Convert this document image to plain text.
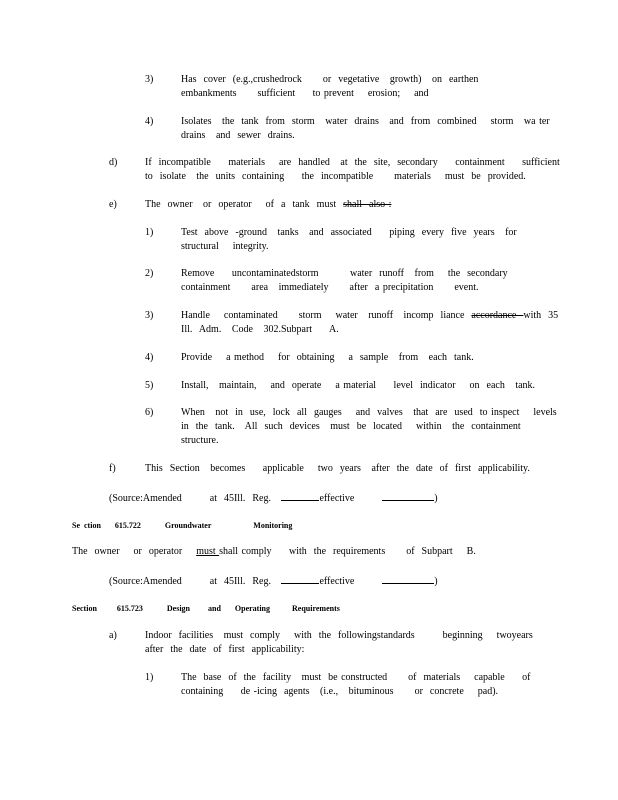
3)	Has  cover  (e.g.,crushedrock      or  vegetative   growth)   on  earthen
embankments      sufficient     to prevent    erosion;    and
4)	Isolates   the  tank  from  storm   water  drains   and  from  combined    storm   wa ter
drains   and  sewer  drains.
d)	If  incompatible     materials    are  handled   at  the  site,  secondary     containment     sufficient
to  isolate   the  units  containing     the  incompatible      materials    must  be  provided.
e)	The  owner   or  operator    of  a  tank  must  shall  also :
1)	Test  above  -ground   tanks   and  associated     piping  every  five  years   for
structural    integrity.
2)	Remove     uncontaminatedstorm         water  runoff   from    the  secondary
containment      area   immediately      after  a precipitation      event.
3)	Handle    contaminated      storm    water   runoff   incomp  liance  accordance  with  35
Ill.  Adm.   Code   302.Subpart     A.
4)	Provide    a method    for  obtaining    a  sample   from   each  tank.
5)	Install,   maintain,    and  operate    a material     level  indicator    on  each   tank.
6)	When   not  in  use,  lock  all  gauges    and  valves   that  are  used  to inspect    levels
in  the  tank.   All  such  devices   must  be  located    within   the  containment
structure.
f)	This  Section   becomes     applicable    two  years   after  the  date  of  first  applicability.
(Source:Amended        at  45Ill.  Reg.	effective	)
Se  ction       615.722            Groundwater                     Monitoring
The  owner    or  operator    must shall comply     with  the  requirements      of  Subpart    B.
(Source:Amended        at  45Ill.  Reg.	effective	)
Section          615.723            Design         and       Operating           Requirements
a)	Indoor  facilities   must  comply    with  the  followingstandards        beginning    twoyears
after  the  date  of  first  applicability:
1)	The  base  of  the  facility   must  be constructed      of  materials    capable     of
containing     de -icing  agents   (i.e.,   bituminous      or  concrete    pad).
